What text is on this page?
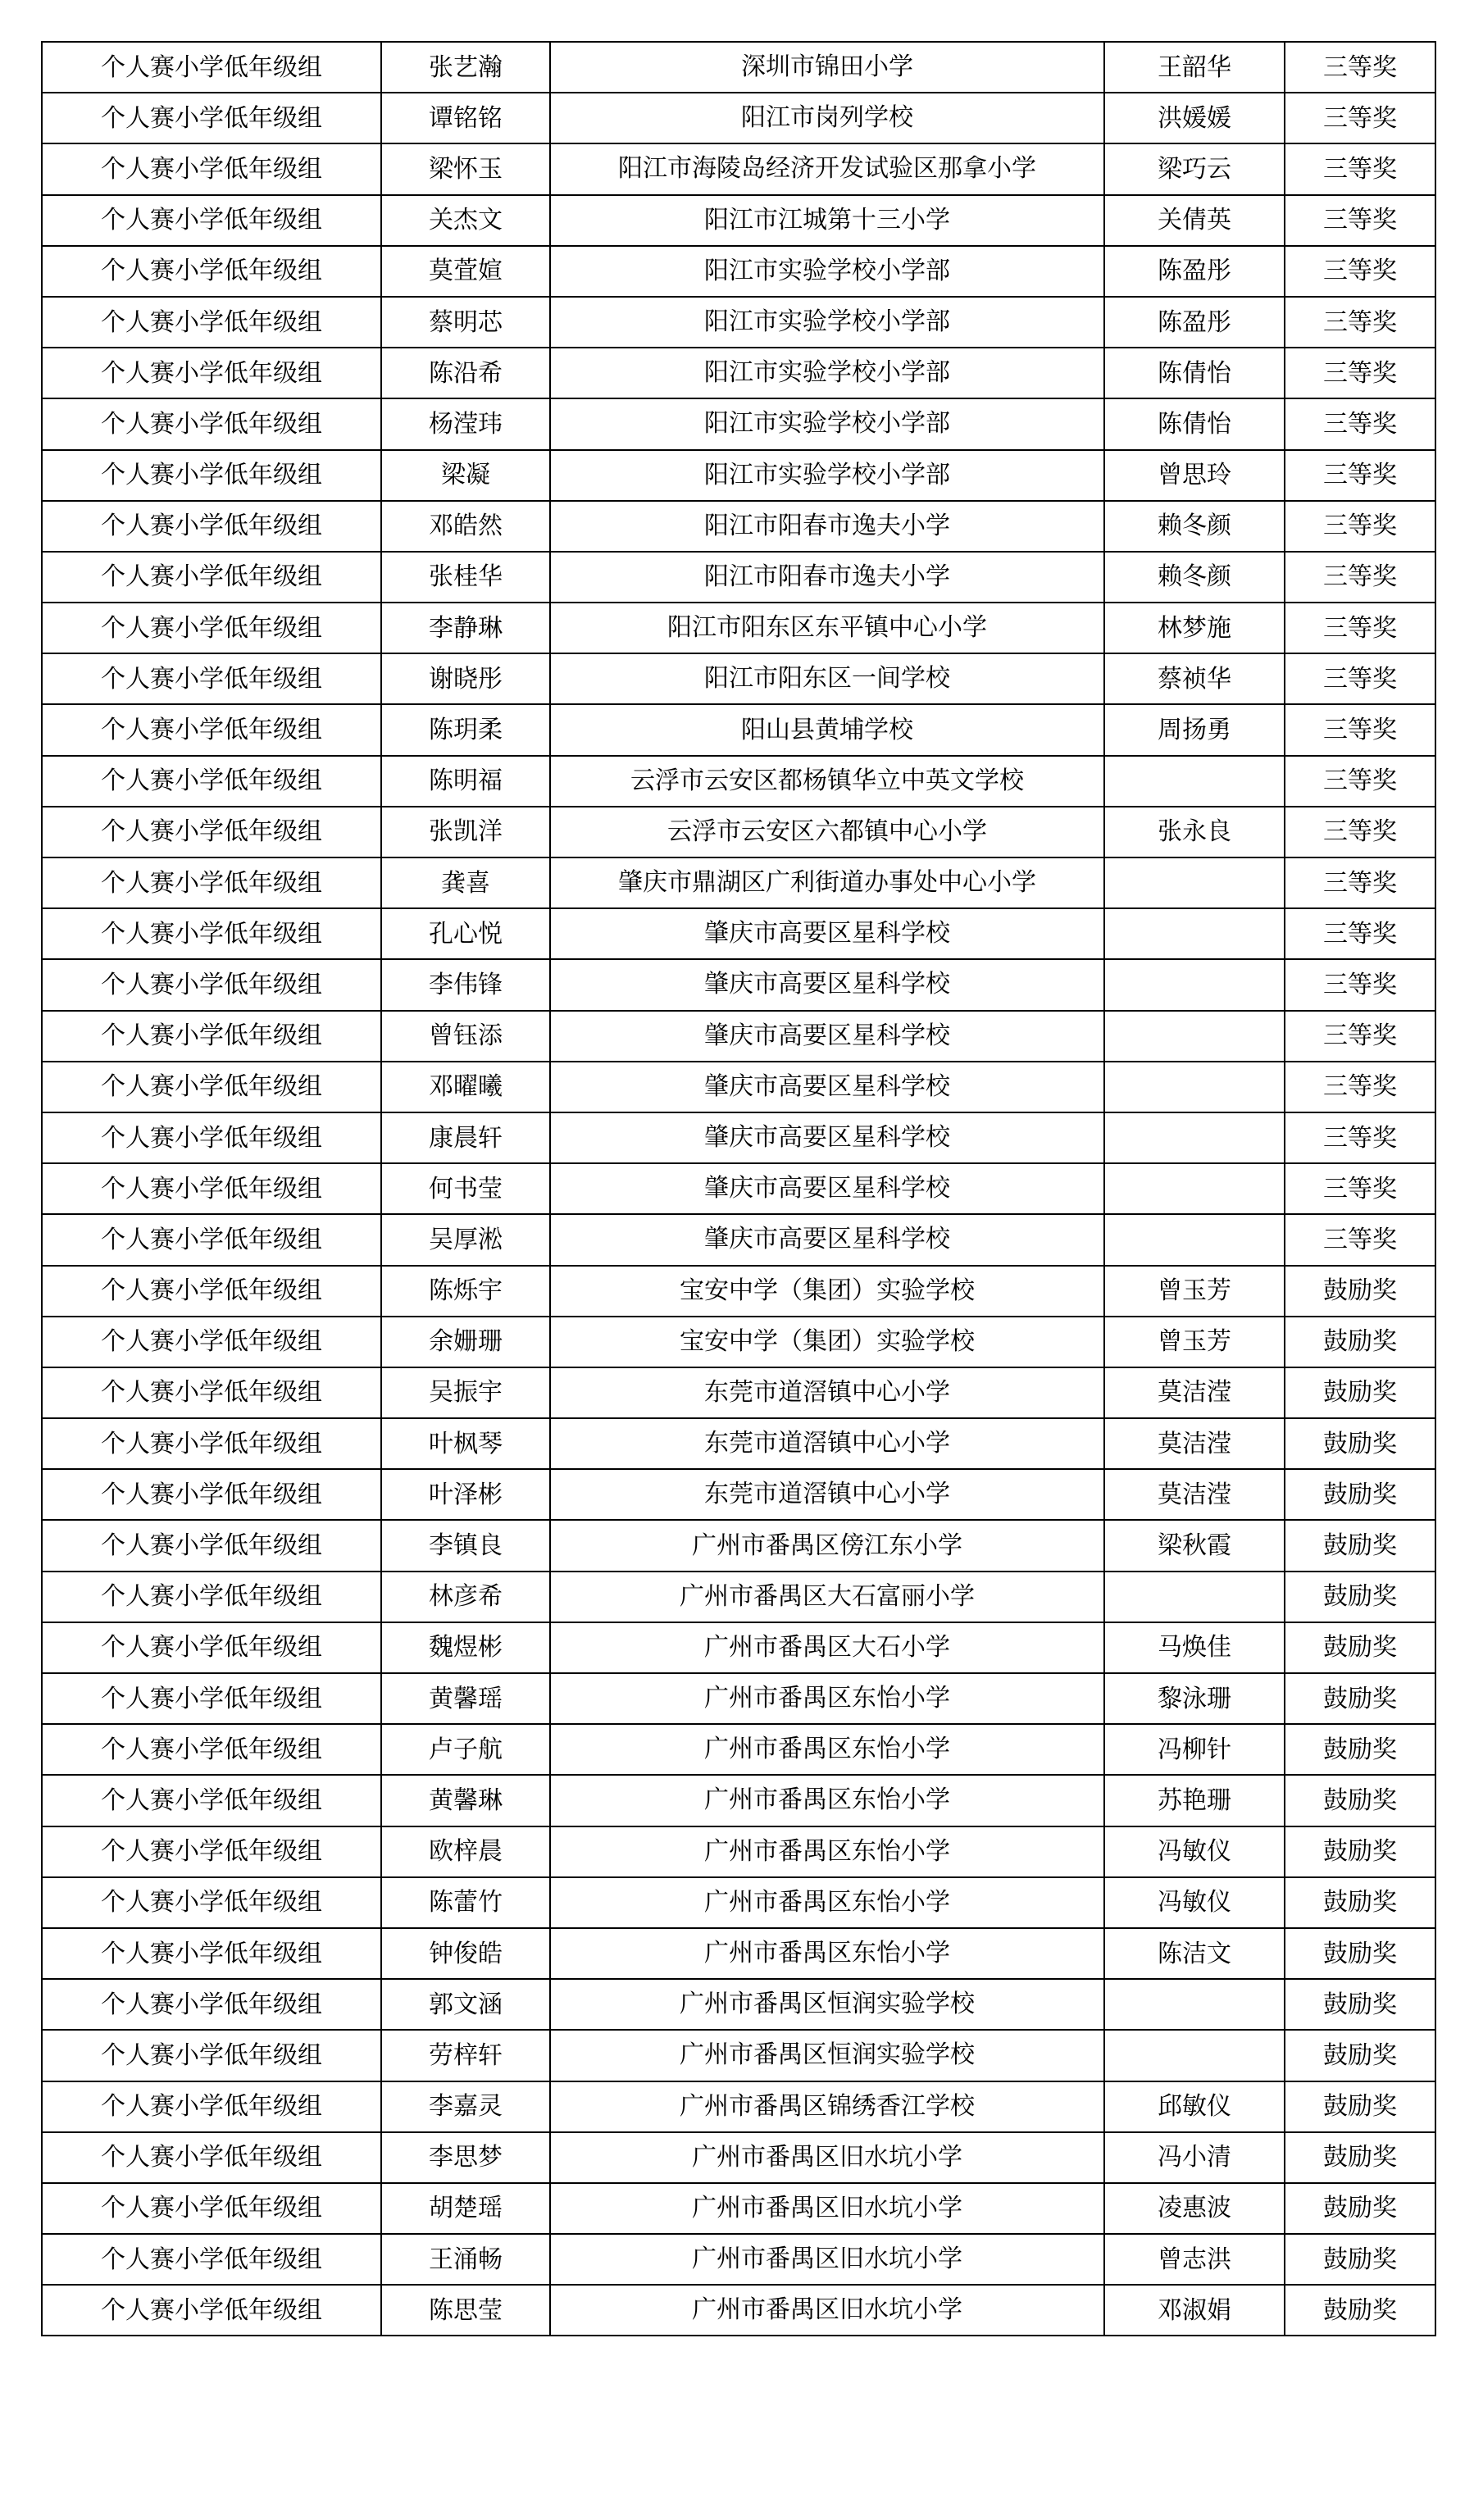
个人赛小学低年级组	张艺瀚	深圳市锦田小学	王韶华	三等奖
个人赛小学低年级组	谭铭铭	阳江市岗列学校	洪媛媛	三等奖
个人赛小学低年级组	梁怀玉	阳江市海陵岛经济开发试验区那拿小学	梁巧云	三等奖
个人赛小学低年级组	关杰文	阳江市江城第十三小学	关倩英	三等奖
个人赛小学低年级组	莫萓媗	阳江市实验学校小学部	陈盈彤	三等奖
个人赛小学低年级组	蔡明芯	阳江市实验学校小学部	陈盈彤	三等奖
个人赛小学低年级组	陈沿希	阳江市实验学校小学部	陈倩怡	三等奖
个人赛小学低年级组	杨滢玮	阳江市实验学校小学部	陈倩怡	三等奖
个人赛小学低年级组	梁凝	阳江市实验学校小学部	曾思玲	三等奖
个人赛小学低年级组	邓皓然	阳江市阳春市逸夫小学	赖冬颜	三等奖
个人赛小学低年级组	张桂华	阳江市阳春市逸夫小学	赖冬颜	三等奖
个人赛小学低年级组	李静琳	阳江市阳东区东平镇中心小学	林梦施	三等奖
个人赛小学低年级组	谢晓彤	阳江市阳东区一间学校	蔡祯华	三等奖
个人赛小学低年级组	陈玥柔	阳山县黄埔学校	周扬勇	三等奖
个人赛小学低年级组	陈明福	云浮市云安区都杨镇华立中英文学校		三等奖
个人赛小学低年级组	张凯洋	云浮市云安区六都镇中心小学	张永良	三等奖
个人赛小学低年级组	龚喜	肇庆市鼎湖区广利街道办事处中心小学		三等奖
个人赛小学低年级组	孔心悦	肇庆市高要区星科学校		三等奖
个人赛小学低年级组	李伟锋	肇庆市高要区星科学校		三等奖
个人赛小学低年级组	曾钰添	肇庆市高要区星科学校		三等奖
个人赛小学低年级组	邓曜曦	肇庆市高要区星科学校		三等奖
个人赛小学低年级组	康晨轩	肇庆市高要区星科学校		三等奖
个人赛小学低年级组	何书莹	肇庆市高要区星科学校		三等奖
个人赛小学低年级组	吴厚淞	肇庆市高要区星科学校		三等奖
个人赛小学低年级组	陈烁宇	宝安中学（集团）实验学校	曾玉芳	鼓励奖
个人赛小学低年级组	余姗珊	宝安中学（集团）实验学校	曾玉芳	鼓励奖
个人赛小学低年级组	吴振宇	东莞市道滘镇中心小学	莫洁滢	鼓励奖
个人赛小学低年级组	叶枫琴	东莞市道滘镇中心小学	莫洁滢	鼓励奖
个人赛小学低年级组	叶泽彬	东莞市道滘镇中心小学	莫洁滢	鼓励奖
个人赛小学低年级组	李镇良	广州市番禺区傍江东小学	梁秋霞	鼓励奖
个人赛小学低年级组	林彦希	广州市番禺区大石富丽小学		鼓励奖
个人赛小学低年级组	魏煜彬	广州市番禺区大石小学	马焕佳	鼓励奖
个人赛小学低年级组	黄馨瑶	广州市番禺区东怡小学	黎泳珊	鼓励奖
个人赛小学低年级组	卢子航	广州市番禺区东怡小学	冯柳针	鼓励奖
个人赛小学低年级组	黄馨琳	广州市番禺区东怡小学	苏艳珊	鼓励奖
个人赛小学低年级组	欧梓晨	广州市番禺区东怡小学	冯敏仪	鼓励奖
个人赛小学低年级组	陈蕾竹	广州市番禺区东怡小学	冯敏仪	鼓励奖
个人赛小学低年级组	钟俊皓	广州市番禺区东怡小学	陈洁文	鼓励奖
个人赛小学低年级组	郭文涵	广州市番禺区恒润实验学校		鼓励奖
个人赛小学低年级组	劳梓轩	广州市番禺区恒润实验学校		鼓励奖
个人赛小学低年级组	李嘉灵	广州市番禺区锦绣香江学校	邱敏仪	鼓励奖
个人赛小学低年级组	李思梦	广州市番禺区旧水坑小学	冯小清	鼓励奖
个人赛小学低年级组	胡楚瑶	广州市番禺区旧水坑小学	凌惠波	鼓励奖
个人赛小学低年级组	王涌畅	广州市番禺区旧水坑小学	曾志洪	鼓励奖
个人赛小学低年级组	陈思莹	广州市番禺区旧水坑小学	邓淑娟	鼓励奖
